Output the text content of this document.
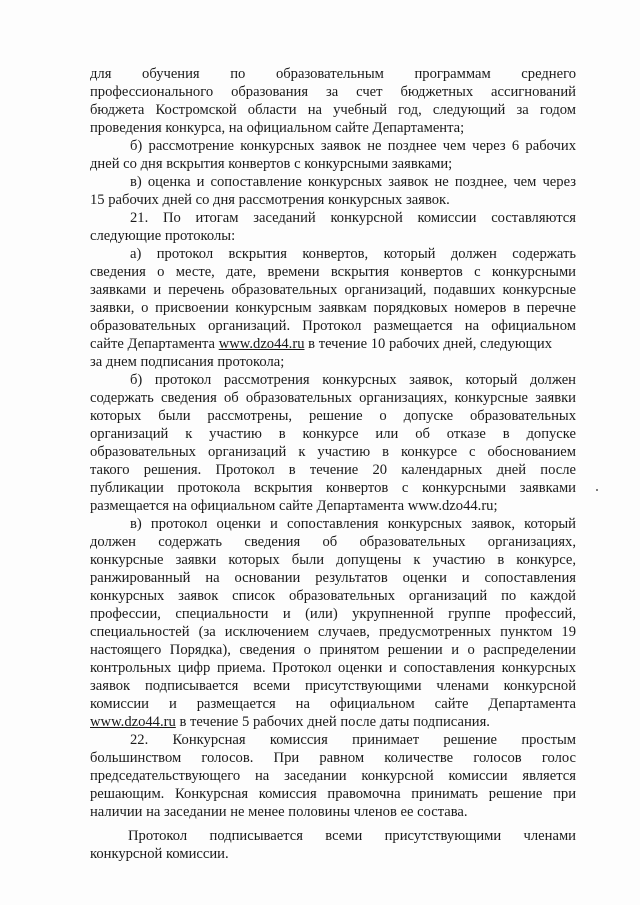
для обучения по образовательным программам среднего
профессионального образования за счет бюджетных ассигнований
бюджета Костромской области на учебный год, следующий за годом
проведения конкурса, на официальном сайте Департамента;
б) рассмотрение конкурсных заявок не позднее чем через 6 рабочих
дней со дня вскрытия конвертов с конкурсными заявками;
в) оценка и сопоставление конкурсных заявок не позднее, чем через
15 рабочих дней со дня рассмотрения конкурсных заявок.
21. По итогам заседаний конкурсной комиссии составляются
следующие протоколы:
а) протокол вскрытия конвертов, который должен содержать
сведения о месте, дате, времени вскрытия конвертов с конкурсными
заявками и перечень образовательных организаций, подавших конкурсные
заявки, о присвоении конкурсным заявкам порядковых номеров в перечне
образовательных организаций. Протокол размещается на официальном
сайте Департамента www.dzo44.ru в течение 10 рабочих дней, следующих
за днем подписания протокола;
б) протокол рассмотрения конкурсных заявок, который должен
содержать сведения об образовательных организациях, конкурсные заявки
которых были рассмотрены, решение о допуске образовательных
организаций к участию в конкурсе или об отказе в допуске
образовательных организаций к участию в конкурсе с обоснованием
такого решения. Протокол в течение 20 календарных дней после
публикации протокола вскрытия конвертов с конкурсными заявками
размещается на официальном сайте Департамента www.dzo44.ru;
в) протокол оценки и сопоставления конкурсных заявок, который
должен содержать сведения об образовательных организациях,
конкурсные заявки которых были допущены к участию в конкурсе,
ранжированный на основании результатов оценки и сопоставления
конкурсных заявок список образовательных организаций по каждой
профессии, специальности и (или) укрупненной группе профессий,
специальностей (за исключением случаев, предусмотренных пунктом 19
настоящего Порядка), сведения о принятом решении и о распределении
контрольных цифр приема. Протокол оценки и сопоставления конкурсных
заявок подписывается всеми присутствующими членами конкурсной
комиссии и размещается на официальном сайте Департамента
www.dzo44.ru в течение 5 рабочих дней после даты подписания.
22. Конкурсная комиссия принимает решение простым
большинством голосов. При равном количестве голосов голос
председательствующего на заседании конкурсной комиссии является
решающим. Конкурсная комиссия правомочна принимать решение при
наличии на заседании не менее половины членов ее состава.
Протокол подписывается всеми присутствующими членами
конкурсной комиссии.
